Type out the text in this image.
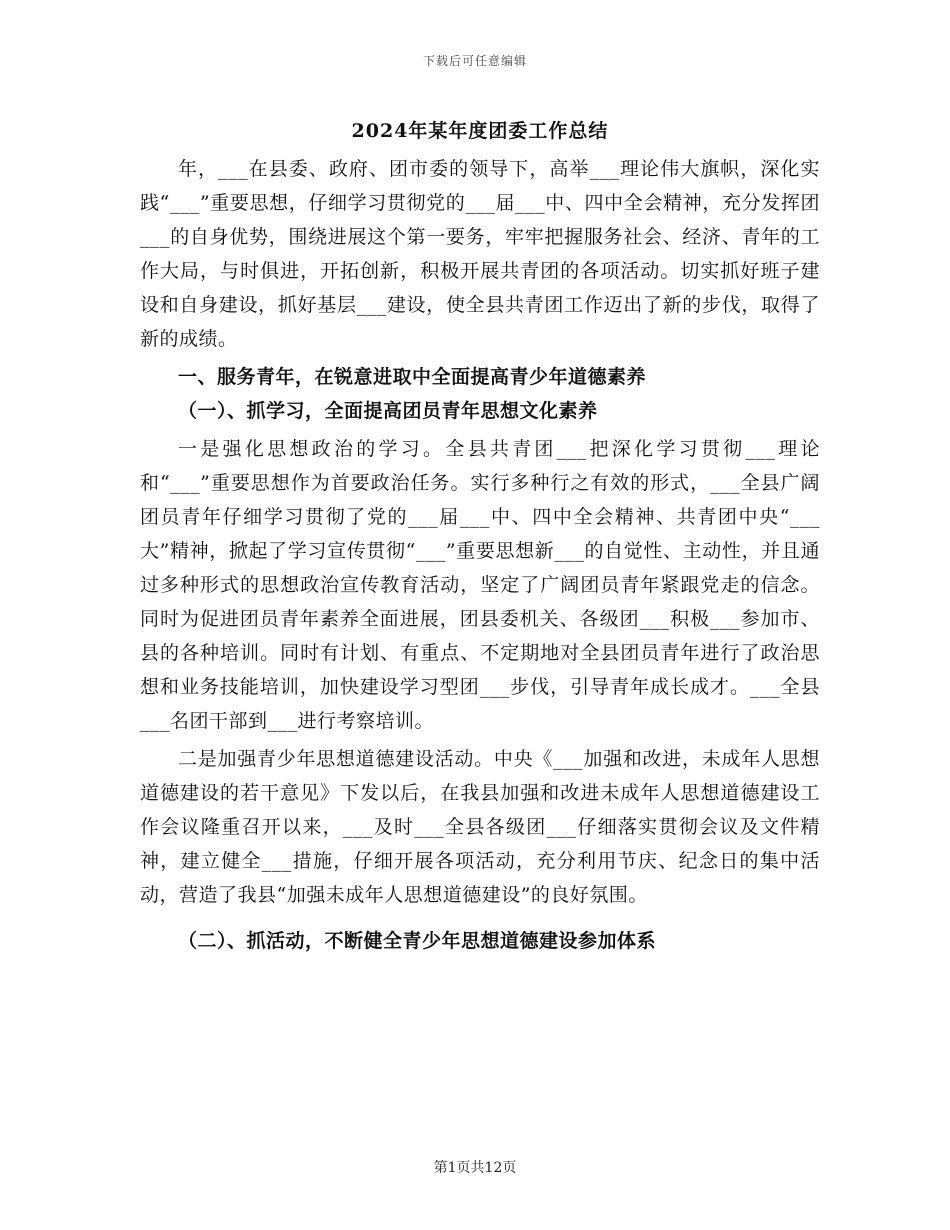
下载后可任意编辑
2024年某年度团委工作总结

年，___在县委、政府、团市委的领导下，高举___理论伟大旗帜，深化实践“___”重要思想，仔细学习贯彻党的___届___中、四中全会精神，充分发挥团___的自身优势，围绕进展这个第一要务，牢牢把握服务社会、经济、青年的工作大局，与时俱进，开拓创新，积极开展共青团的各项活动。切实抓好班子建设和自身建设，抓好基层___建设，使全县共青团工作迈出了新的步伐，取得了新的成绩。

一、服务青年，在锐意进取中全面提高青少年道德素养

（一）、抓学习，全面提高团员青年思想文化素养

一是强化思想政治的学习。全县共青团___把深化学习贯彻___理论和“___”重要思想作为首要政治任务。实行多种行之有效的形式，___全县广阔团员青年仔细学习贯彻了党的___届___中、四中全会精神、共青团中央“___大”精神，掀起了学习宣传贯彻“___”重要思想新___的自觉性、主动性，并且通过多种形式的思想政治宣传教育活动，坚定了广阔团员青年紧跟党走的信念。同时为促进团员青年素养全面进展，团县委机关、各级团___积极___参加市、县的各种培训。同时有计划、有重点、不定期地对全县团员青年进行了政治思想和业务技能培训，加快建设学习型团___步伐，引导青年成长成才。___全县___名团干部到___进行考察培训。

二是加强青少年思想道德建设活动。中央《___加强和改进，未成年人思想道德建设的若干意见》下发以后，在我县加强和改进未成年人思想道德建设工作会议隆重召开以来，___及时___全县各级团___仔细落实贯彻会议及文件精神，建立健全___措施，仔细开展各项活动，充分利用节庆、纪念日的集中活动，营造了我县“加强未成年人思想道德建设”的良好氛围。

（二）、抓活动，不断健全青少年思想道德建设参加体系

第1页共12页
